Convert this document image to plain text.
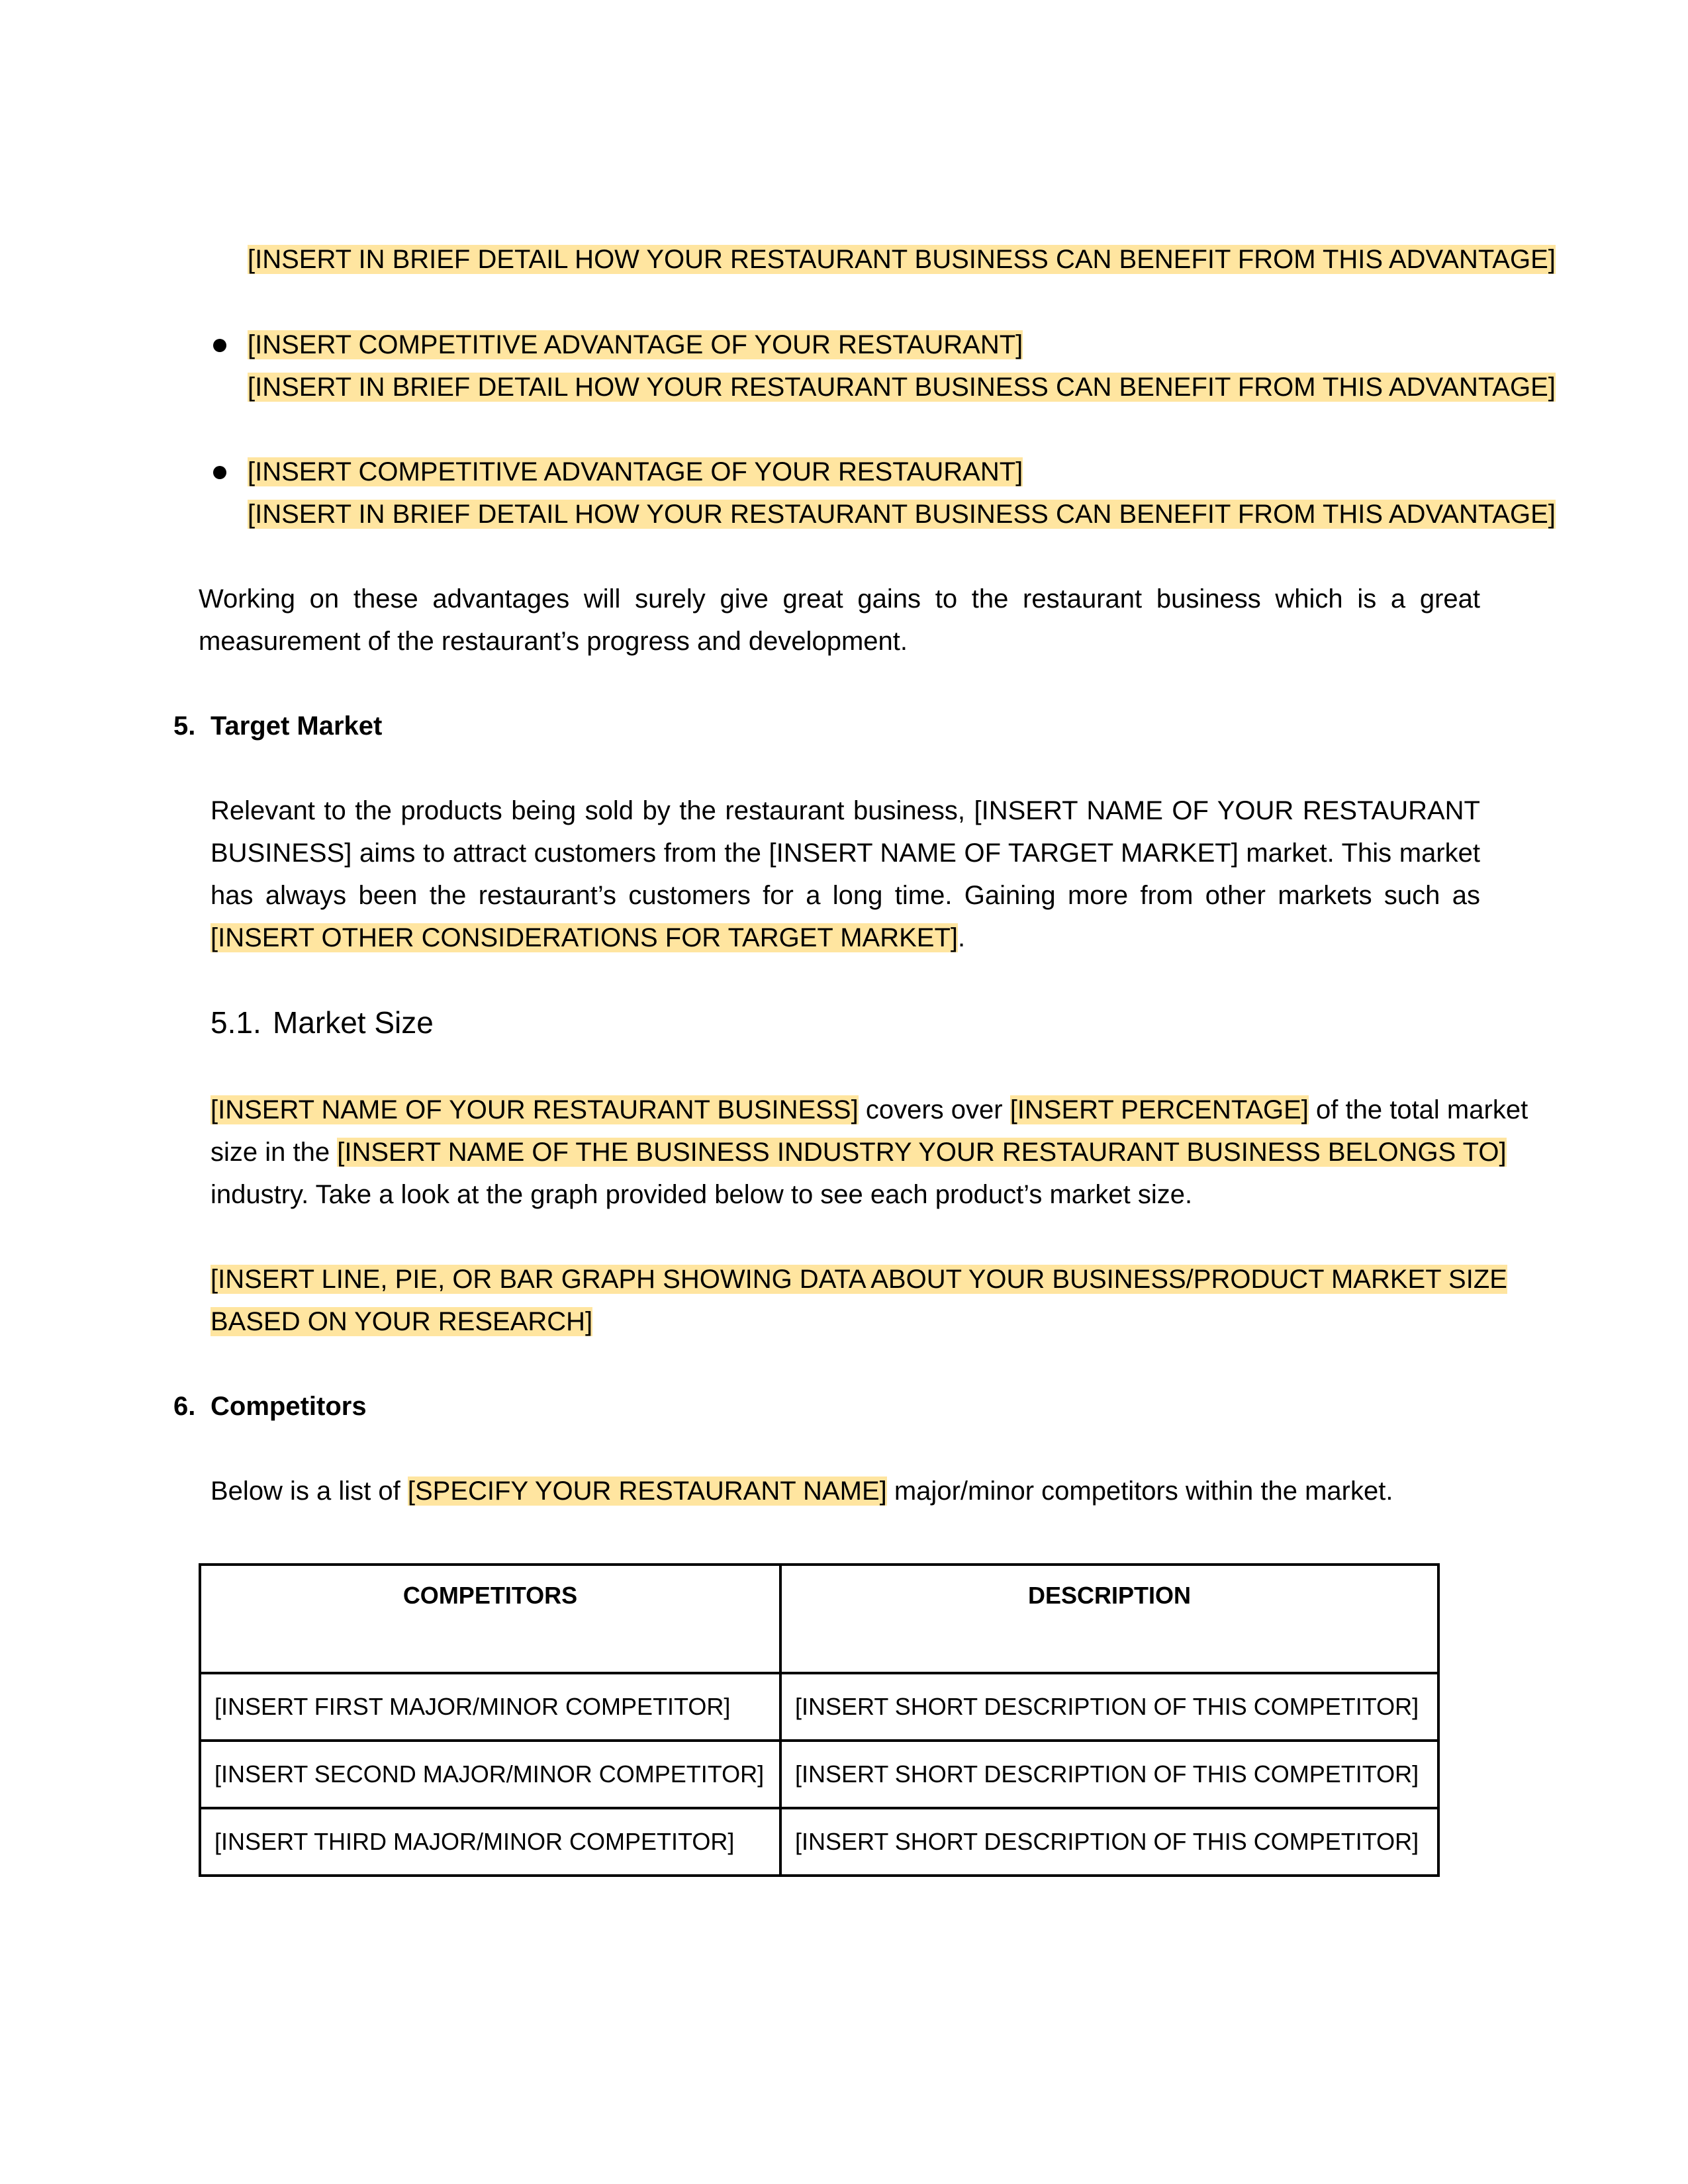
[INSERT IN BRIEF DETAIL HOW YOUR RESTAURANT BUSINESS CAN BENEFIT FROM THIS ADVANTAGE]
[INSERT COMPETITIVE ADVANTAGE OF YOUR RESTAURANT]
[INSERT IN BRIEF DETAIL HOW YOUR RESTAURANT BUSINESS CAN BENEFIT FROM THIS ADVANTAGE]
[INSERT COMPETITIVE ADVANTAGE OF YOUR RESTAURANT]
[INSERT IN BRIEF DETAIL HOW YOUR RESTAURANT BUSINESS CAN BENEFIT FROM THIS ADVANTAGE]
Working on these advantages will surely give great gains to the restaurant business which is a great
measurement of the restaurant’s progress and development.
5. Target Market
Relevant to the products being sold by the restaurant business, [INSERT NAME OF YOUR RESTAURANT
BUSINESS] aims to attract customers from the [INSERT NAME OF TARGET MARKET] market. This market
has always been the restaurant’s customers for a long time. Gaining more from other markets such as
[INSERT OTHER CONSIDERATIONS FOR TARGET MARKET].
5.1. Market Size
[INSERT NAME OF YOUR RESTAURANT BUSINESS] covers over [INSERT PERCENTAGE] of the total market
size in the [INSERT NAME OF THE BUSINESS INDUSTRY YOUR RESTAURANT BUSINESS BELONGS TO]
industry. Take a look at the graph provided below to see each product’s market size.
[INSERT LINE, PIE, OR BAR GRAPH SHOWING DATA ABOUT YOUR BUSINESS/PRODUCT MARKET SIZE
BASED ON YOUR RESEARCH]
6. Competitors
Below is a list of [SPECIFY YOUR RESTAURANT NAME] major/minor competitors within the market.
COMPETITORS	DESCRIPTION
[INSERT FIRST MAJOR/MINOR COMPETITOR]	[INSERT SHORT DESCRIPTION OF THIS COMPETITOR]
[INSERT SECOND MAJOR/MINOR COMPETITOR]	[INSERT SHORT DESCRIPTION OF THIS COMPETITOR]
[INSERT THIRD MAJOR/MINOR COMPETITOR]	[INSERT SHORT DESCRIPTION OF THIS COMPETITOR]
